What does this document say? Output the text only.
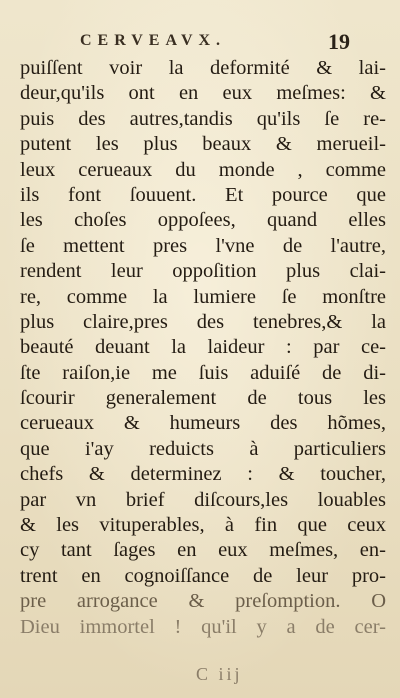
CERVEAVX.	19
puiſſent voir la deformité & lai-
deur,qu'ils ont en eux meſmes: &
puis des autres,tandis qu'ils ſe re-
putent les plus beaux & merueil-
leux cerueaux du monde , comme
ils font ſouuent. Et pource que
les choſes oppoſees, quand elles
ſe mettent pres l'vne de l'autre,
rendent leur oppoſition plus clai-
re, comme la lumiere ſe monſtre
plus claire,pres des tenebres,& la
beauté deuant la laideur : par ce-
ſte raiſon,ie me ſuis aduiſé de di-
ſcourir generalement de tous les
cerueaux & humeurs des hõmes,
que i'ay reduicts à particuliers
chefs & determinez : & toucher,
par vn brief diſcours,les louables
& les vituperables, à fin que ceux
cy tant ſages en eux meſmes, en-
trent en cognoiſſance de leur pro-
pre arrogance & preſomption. O
Dieu immortel ! qu'il y a de cer-
C iij
